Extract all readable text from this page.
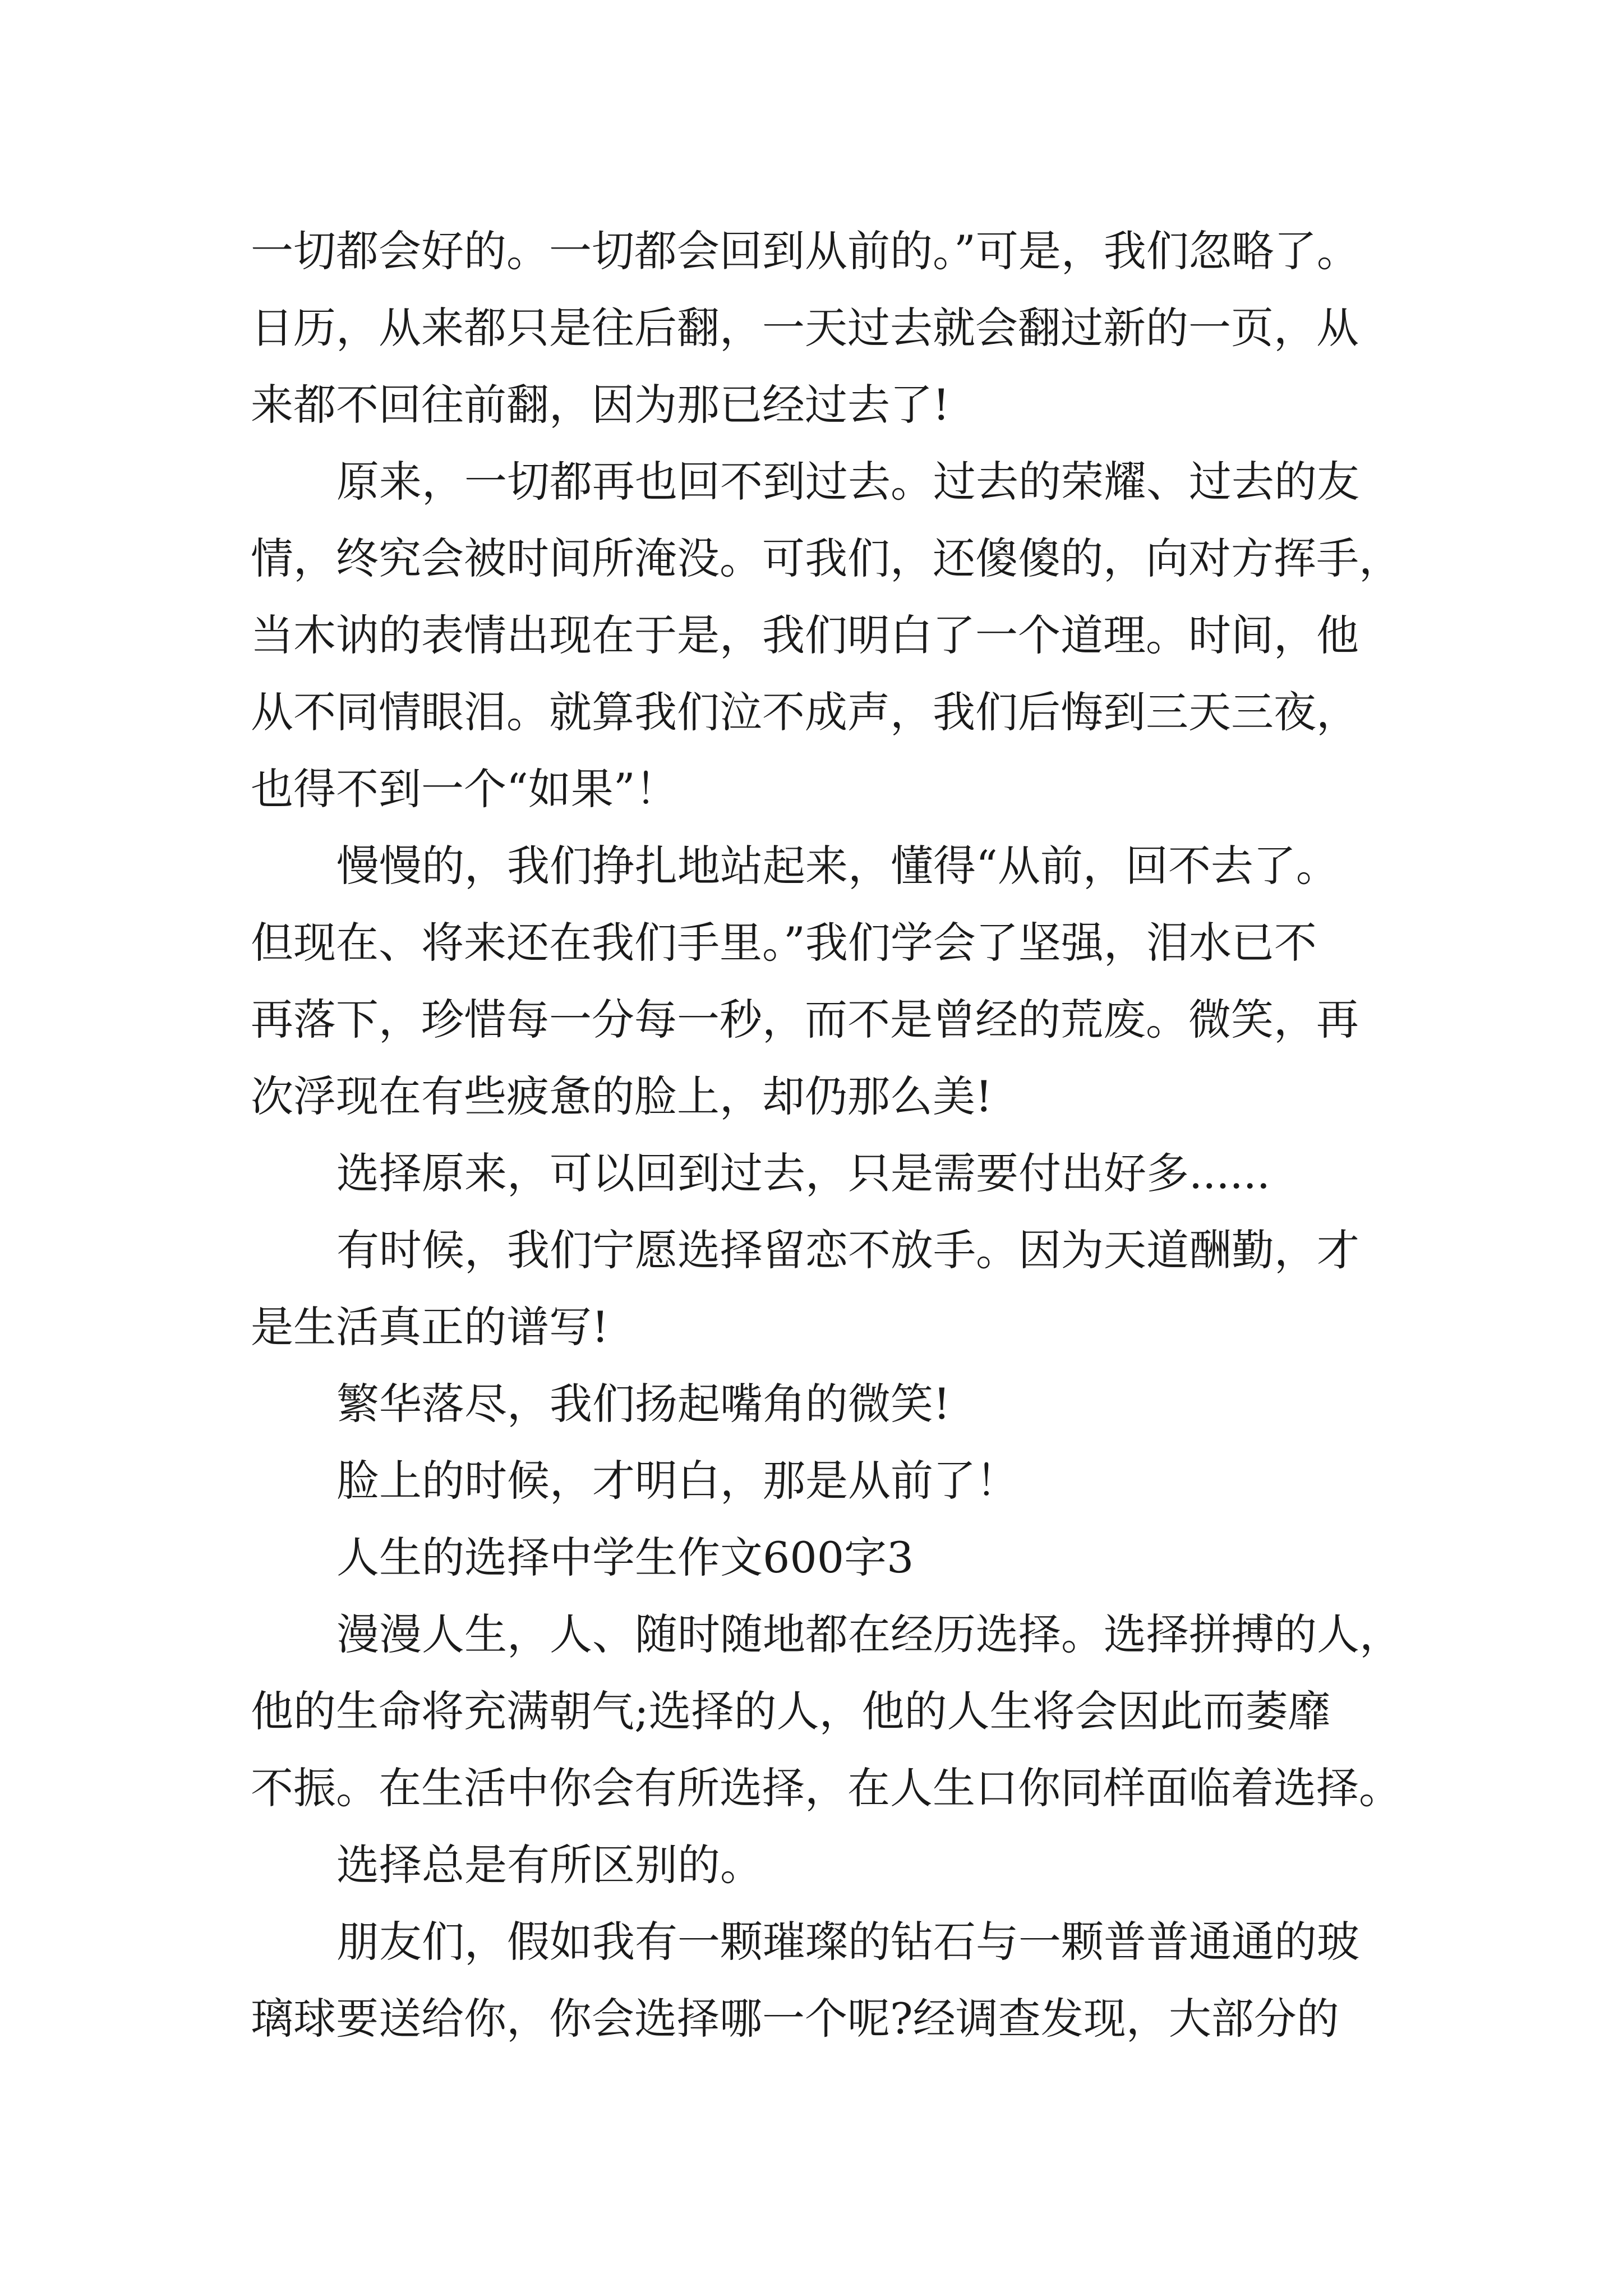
一切都会好的。一切都会回到从前的。”可是，我们忽略了。
日历，从来都只是往后翻，一天过去就会翻过新的一页，从
来都不回往前翻，因为那已经过去了!
原来，一切都再也回不到过去。过去的荣耀、过去的友
情，终究会被时间所淹没。可我们，还傻傻的，向对方挥手，
当木讷的表情出现在于是，我们明白了一个道理。时间，他
从不同情眼泪。就算我们泣不成声，我们后悔到三天三夜，
也得不到一个“如果”！
慢慢的，我们挣扎地站起来，懂得“从前，回不去了。
但现在、将来还在我们手里。”我们学会了坚强，泪水已不
再落下，珍惜每一分每一秒，而不是曾经的荒废。微笑，再
次浮现在有些疲惫的脸上，却仍那么美!
选择原来，可以回到过去，只是需要付出好多......
有时候，我们宁愿选择留恋不放手。因为天道酬勤，才
是生活真正的谱写!
繁华落尽，我们扬起嘴角的微笑!
脸上的时候，才明白，那是从前了！
人生的选择中学生作文600字3
漫漫人生，人、随时随地都在经历选择。选择拼搏的人，
他的生命将充满朝气;选择的人，他的人生将会因此而萎靡
不振。在生活中你会有所选择，在人生口你同样面临着选择。
选择总是有所区别的。
朋友们，假如我有一颗璀璨的钻石与一颗普普通通的玻
璃球要送给你，你会选择哪一个呢?经调查发现，大部分的
